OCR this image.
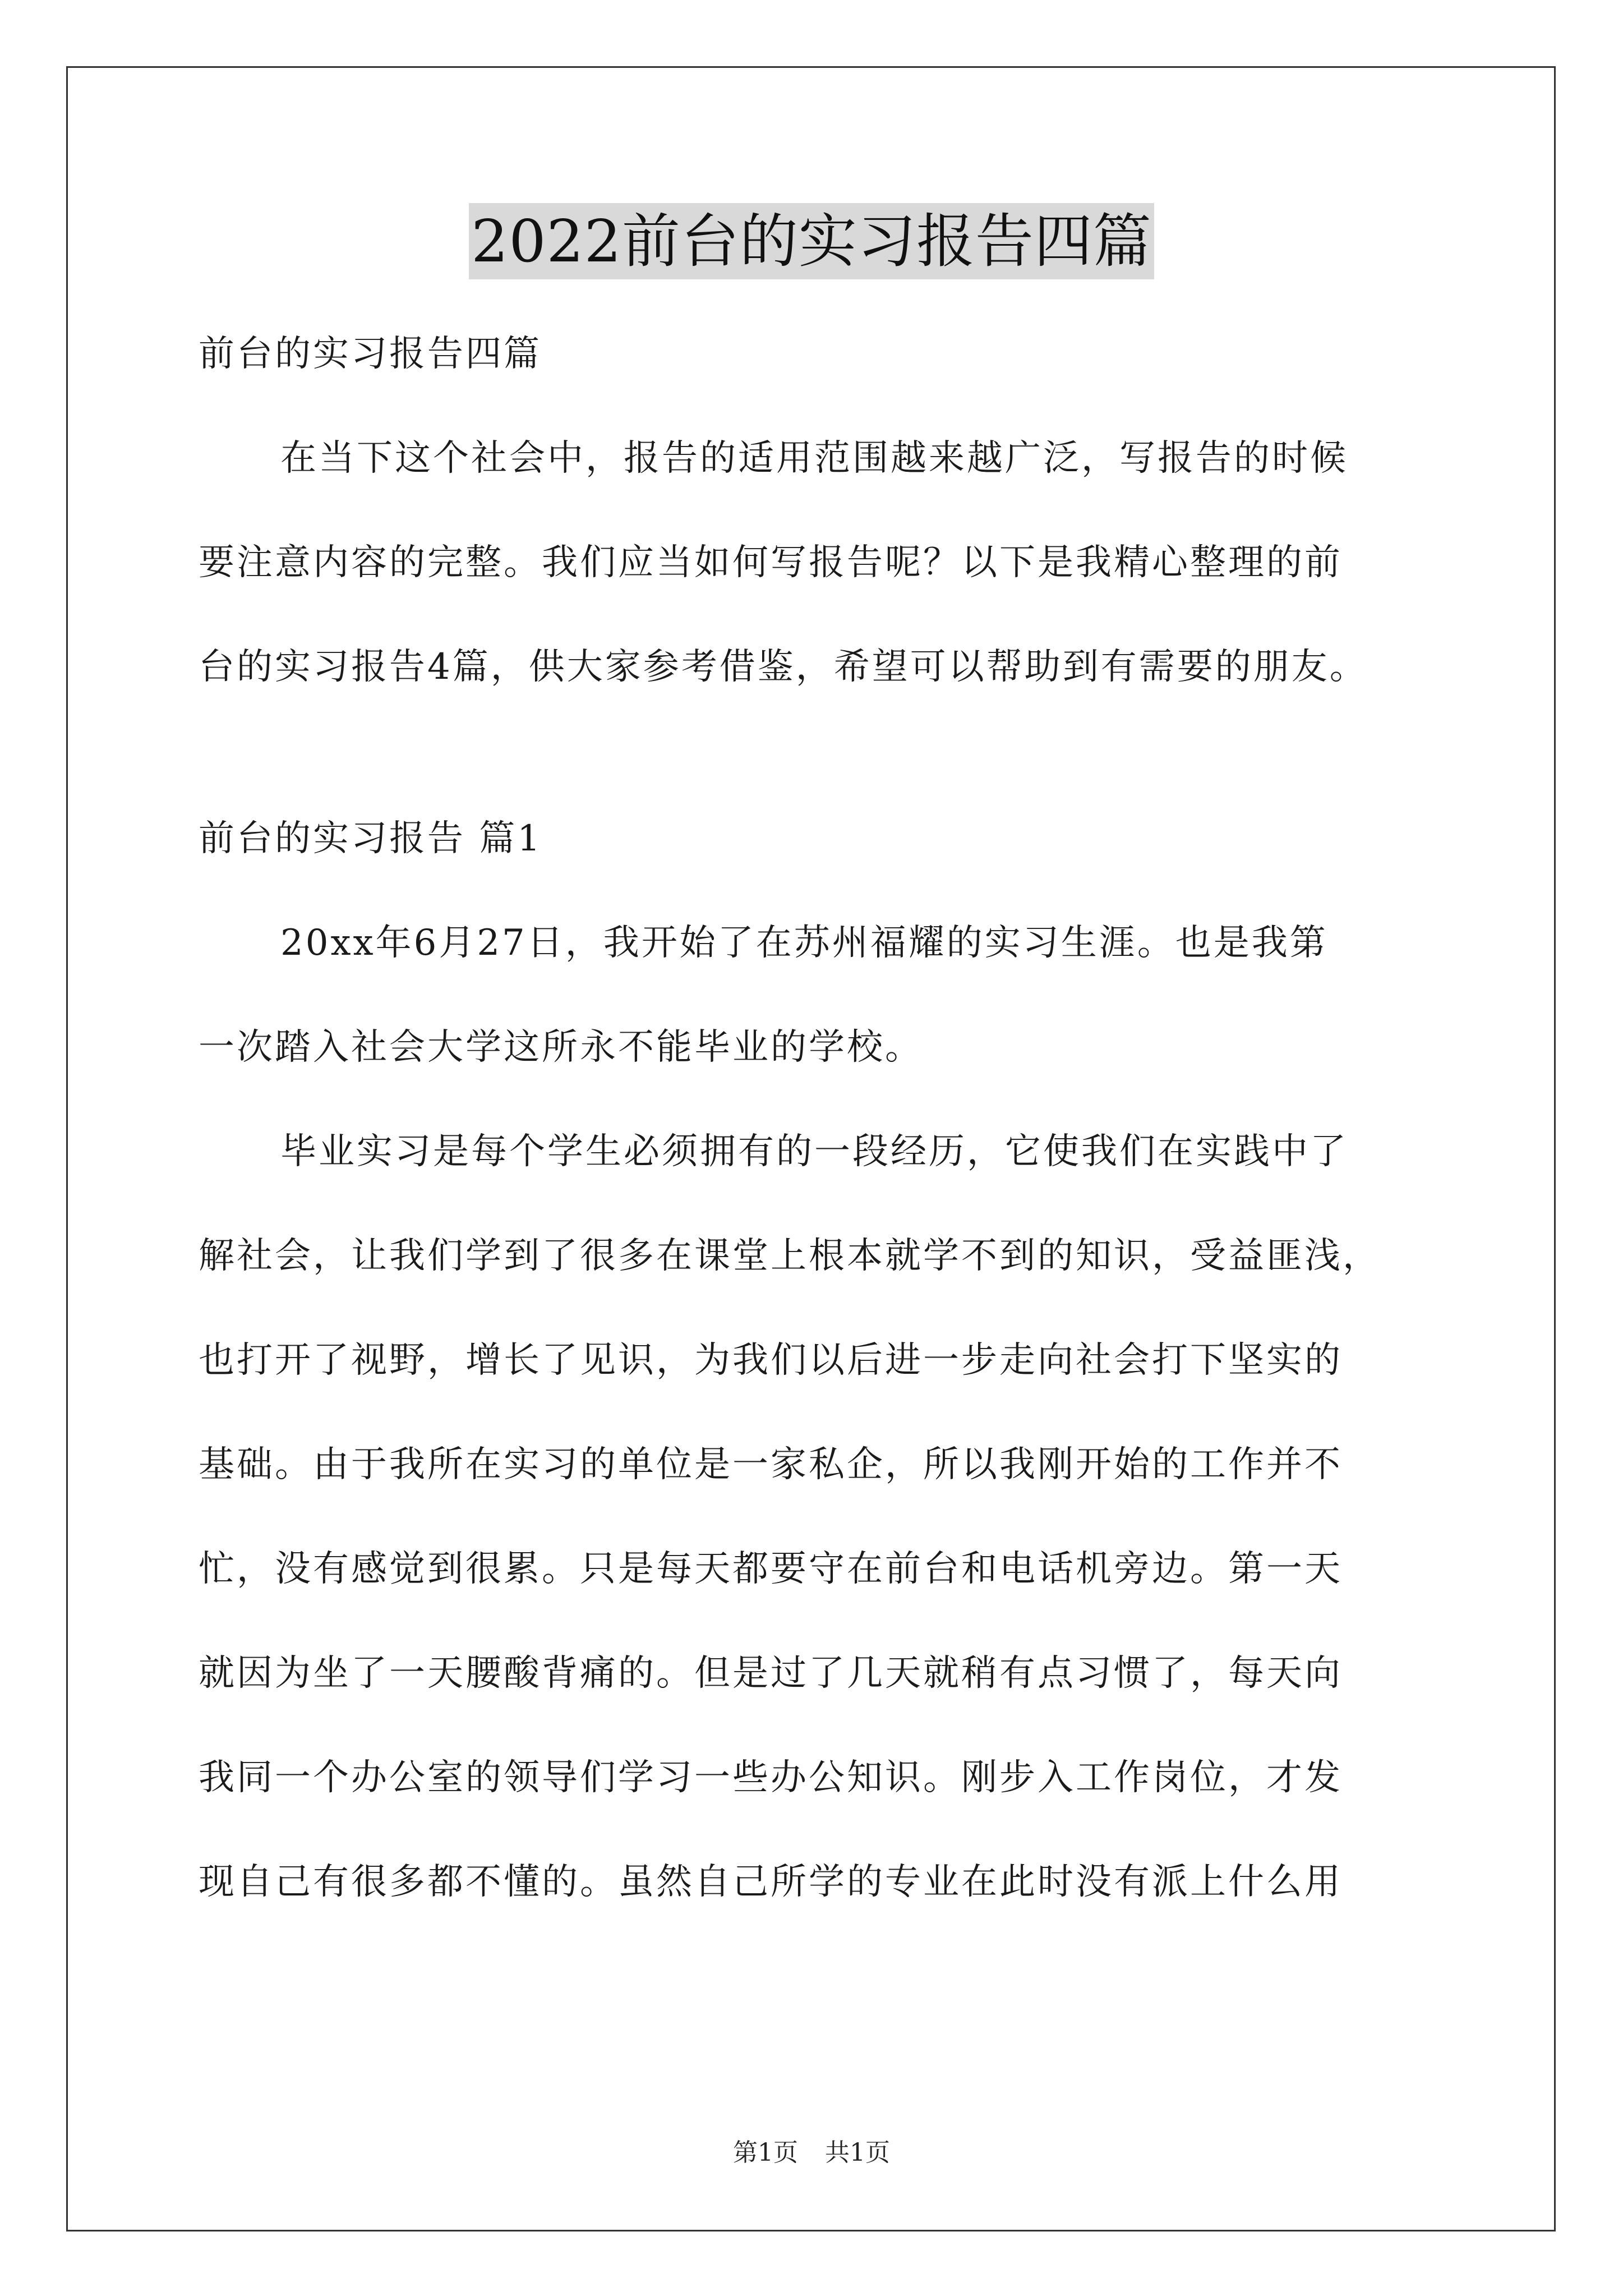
2022前台的实习报告四篇
前台的实习报告四篇
在当下这个社会中，报告的适用范围越来越广泛，写报告的时候
要注意内容的完整。我们应当如何写报告呢？以下是我精心整理的前
台的实习报告4篇，供大家参考借鉴，希望可以帮助到有需要的朋友。
前台的实习报告 篇1
20xx年6月27日，我开始了在苏州福耀的实习生涯。也是我第
一次踏入社会大学这所永不能毕业的学校。
毕业实习是每个学生必须拥有的一段经历，它使我们在实践中了
解社会，让我们学到了很多在课堂上根本就学不到的知识，受益匪浅，
也打开了视野，增长了见识，为我们以后进一步走向社会打下坚实的
基础。由于我所在实习的单位是一家私企，所以我刚开始的工作并不
忙，没有感觉到很累。只是每天都要守在前台和电话机旁边。第一天
就因为坐了一天腰酸背痛的。但是过了几天就稍有点习惯了，每天向
我同一个办公室的领导们学习一些办公知识。刚步入工作岗位，才发
现自己有很多都不懂的。虽然自己所学的专业在此时没有派上什么用
第1页 共1页
